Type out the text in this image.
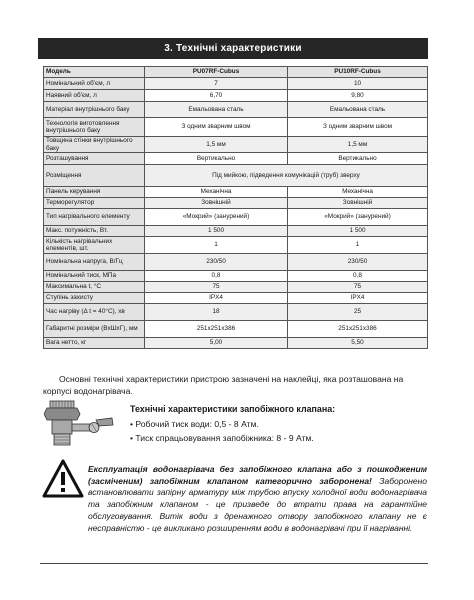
3. Технічні характеристики
Модель	PU07RF-Cubus	PU10RF-Cubus
Номінальний об'єм, л	7	10
Наявний об'єм, л	6,70	9,80
Матеріал внутрішнього баку	Емальована сталь	Емальована сталь
Технологія виготовлення внутрішнього баку	З одним зварним швом	З одним зварним швом
Товщина стінки внутрішнього баку	1,5 мм	1,5 мм
Розташування	Вертикально	Вертикально
Розміщення	Під мийкою, підведення комунікацій (труб) зверху	
Панель керування	Механічна	Механічна
Терморегулятор	Зовнішній	Зовнішній
Тип нагрівального елементу	«Мокрий» (занурений)	«Мокрий» (занурений)
Макс. потужність, Вт.	1 500	1 500
Кількість нагрівальних елементів, шт.	1	1
Номінальна напруга, В/Гц	230/50	230/50
Номінальний тиск, МПа	0,8	0,8
Максимальна t, °C	75	75
Ступінь захисту	IPX4	IPX4
Час нагріву (Δ t = 40°C), хв	18	25
Габаритні розміри (ВхШхГ), мм	251x251x386	251x251x386
Вага нетто, кг	5,00	5,50

Основні технічні характеристики пристрою зазначені на наклейці, яка розташована на корпусі водонагрівача.

Технічні характеристики запобіжного клапана:
• Робочий тиск води: 0,5 - 8 Атм.
• Тиск спрацьовування запобіжника: 8 - 9 Атм.

Експлуатація водонагрівача без запобіжного клапана або з пошкодженим (засміченим) запобіжним клапаном категорично заборонена! Заборонено встановлювати запірну арматуру між трубою впуску холодної води водонагрівача та запобіжним клапаном - це призведе до втрати права на гарантійне обслуговування. Витік води з дренажного отвору запобіжного клапану не є несправністю - це викликано розширенням води в водонагрівачі при її нагріванні.
